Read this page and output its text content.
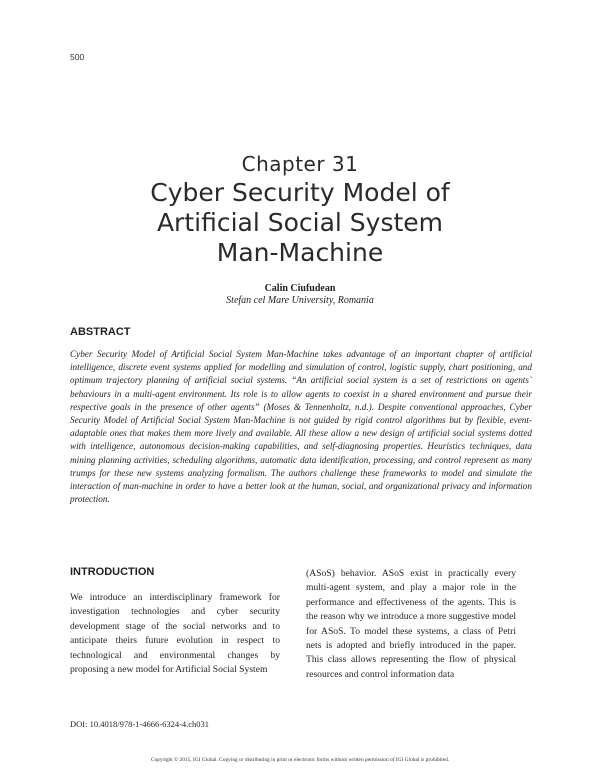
500
Chapter 31
Cyber Security Model of
Artificial Social System
Man-Machine
Calin Ciufudean
Stefan cel Mare University, Romania
ABSTRACT

Cyber Security Model of Artificial Social System Man-Machine takes advantage of an important chapter of artificial intelligence, discrete event systems applied for modelling and simulation of control, logistic supply, chart positioning, and optimum trajectory planning of artificial social systems. “An artificial social system is a set of restrictions on agents` behaviours in a multi-agent environment. Its role is to allow agents to coexist in a shared environment and pursue their respective goals in the presence of other agents” (Moses & Tennenholtz, n.d.). Despite conventional approaches, Cyber Security Model of Artificial Social System Man-Machine is not guided by rigid control algorithms but by flexible, event-adaptable ones that makes them more lively and available. All these allow a new design of artificial social systems dotted with intelligence, autonomous decision-making capabilities, and self-diagnosing properties. Heuristics techniques, data mining planning activities, scheduling algorithms, automatic data identification, processing, and control represent as many trumps for these new systems analyzing formalism. The authors challenge these frameworks to model and simulate the interaction of man-machine in order to have a better look at the human, social, and organizational privacy and information protection.

INTRODUCTION

We introduce an interdisciplinary framework for investigation technologies and cyber security development stage of the social networks and to anticipate theirs future evolution in respect to technological and environmental changes by proposing a new model for Artificial Social System

(ASoS) behavior. ASoS exist in practically every multi-agent system, and play a major role in the performance and effectiveness of the agents. This is the reason why we introduce a more suggestive model for ASoS. To model these systems, a class of Petri nets is adopted and briefly introduced in the paper. This class allows representing the flow of physical resources and control information data

DOI: 10.4018/978-1-4666-6324-4.ch031
Copyright © 2015, IGI Global. Copying or distributing in print or electronic forms without written permission of IGI Global is prohibited.
